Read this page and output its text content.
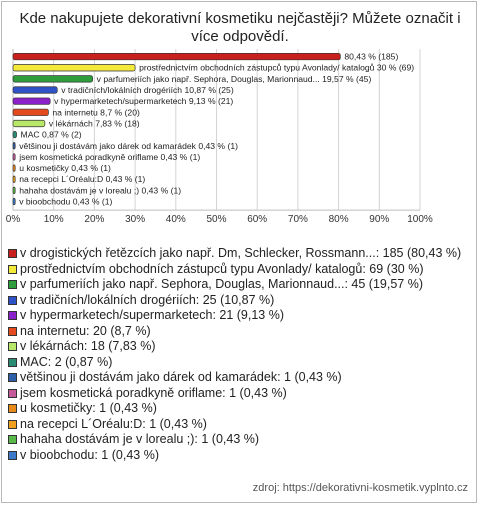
Kde nakupujete dekorativní kosmetiku nejčastěji? Můžete označit i
více odpovědí.
80,43 % (185)
prostřednictvím obchodních zástupců typu Avonlady/ katalogů 30 % (69)
v parfumeriích jako např. Sephora, Douglas, Marionnaud... 19,57 % (45)
v tradičních/lokálních drogériích 10,87 % (25)
v hypermarketech/supermarketech 9,13 % (21)
na internetu 8,7 % (20)
v lékárnách 7,83 % (18)
MAC 0,87 % (2)
většinou ji dostávám jako dárek od kamarádek 0,43 % (1)
jsem kosmetická poradkyně oriflame 0,43 % (1)
u kosmetičky 0,43 % (1)
na recepci L´Oréalu:D 0,43 % (1)
hahaha dostávám je v lorealu ;) 0,43 % (1)
v bioobchodu 0,43 % (1)
0% 10% 20% 30% 40% 50% 60% 70% 80% 90% 100%
v drogistických řetězcích jako např. Dm, Schlecker, Rossmann...: 185 (80,43 %)
prostřednictvím obchodních zástupců typu Avonlady/ katalogů: 69 (30 %)
v parfumeriích jako např. Sephora, Douglas, Marionnaud...: 45 (19,57 %)
v tradičních/lokálních drogériích: 25 (10,87 %)
v hypermarketech/supermarketech: 21 (9,13 %)
na internetu: 20 (8,7 %)
v lékárnách: 18 (7,83 %)
MAC: 2 (0,87 %)
většinou ji dostávám jako dárek od kamarádek: 1 (0,43 %)
jsem kosmetická poradkyně oriflame: 1 (0,43 %)
u kosmetičky: 1 (0,43 %)
na recepci L´Oréalu:D: 1 (0,43 %)
hahaha dostávám je v lorealu ;): 1 (0,43 %)
v bioobchodu: 1 (0,43 %)
zdroj: https://dekorativni-kosmetik.vyplnto.cz
